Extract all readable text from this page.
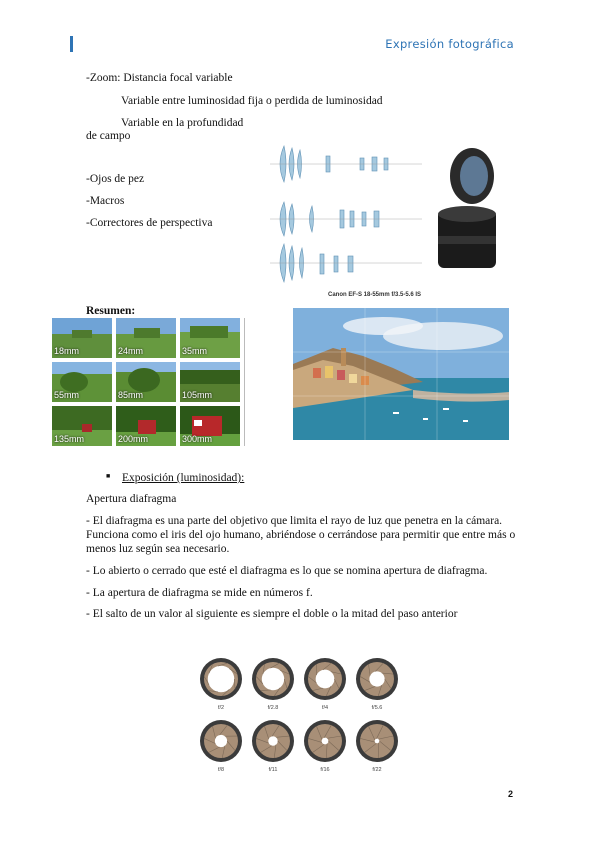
Expresión fotográfica
-Zoom: Distancia focal variable
Variable entre luminosidad fija o perdida de luminosidad
Variable en la profundidad
de campo
-Ojos de pez
-Macros
-Correctores de perspectiva
Canon EF-S 18-55mm f/3.5-5.6 IS
Resumen:
18mm	24mm	35mm
55mm	85mm	105mm
135mm	200mm	300mm
■ Exposición (luminosidad):
Apertura diafragma
- El diafragma es una parte del objetivo que limita el rayo de luz que penetra en la cámara.
Funciona como el iris del ojo humano, abriéndose o cerrándose para permitir que entre más o
menos luz según sea necesario.
- Lo abierto o cerrado que esté el diafragma es lo que se nomina apertura de diafragma.
- La apertura de diafragma se mide en números f.
- El salto de un valor al siguiente es siempre el doble o la mitad del paso anterior
f/2	f/2.8	f/4	f/5.6
f/8	f/11	f/16	f/22
2
